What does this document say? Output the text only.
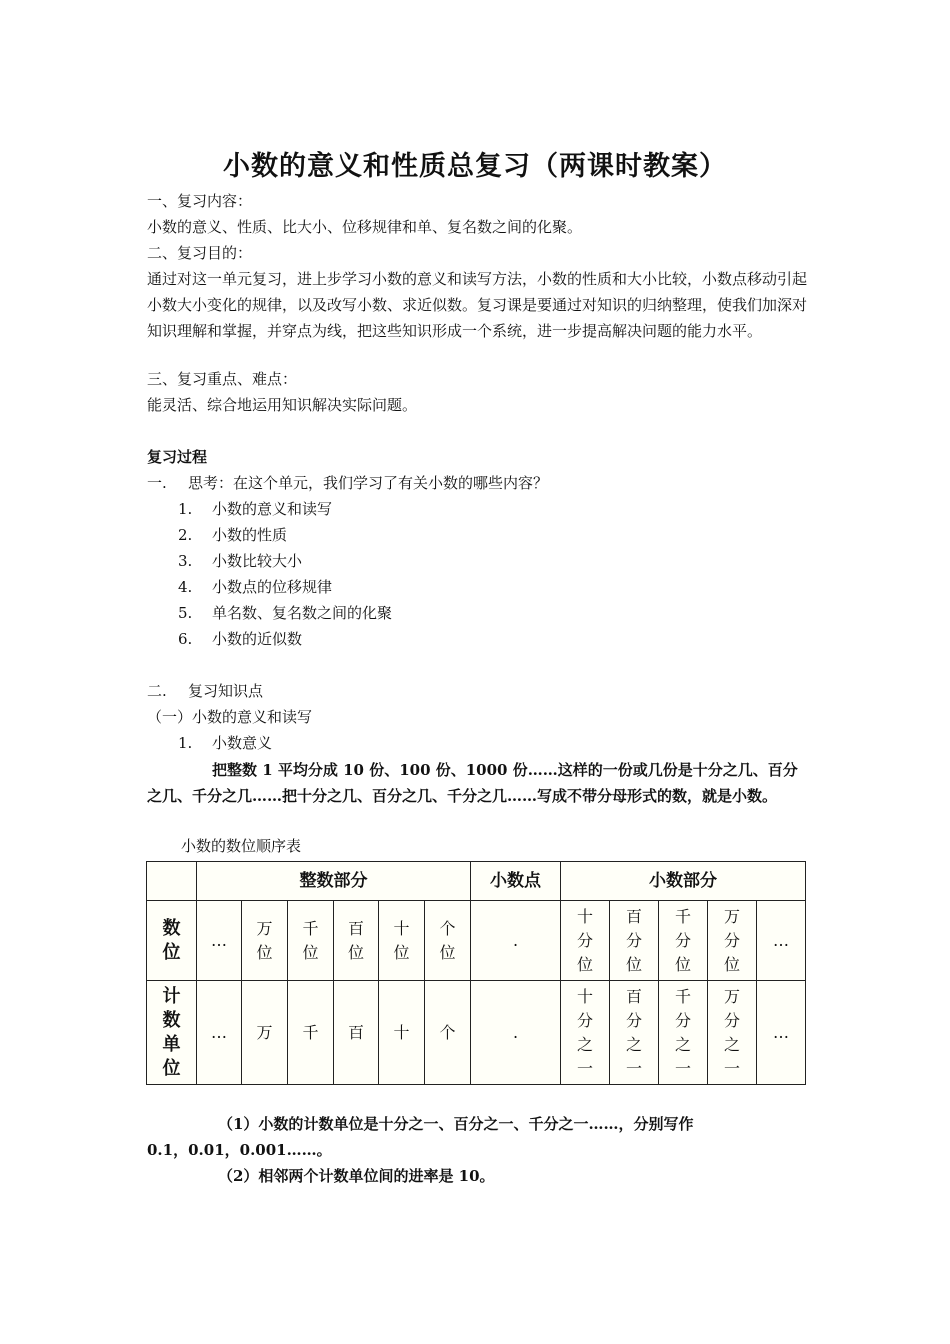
小数的意义和性质总复习（两课时教案）
一、复习内容：
小数的意义、性质、比大小、位移规律和单、复名数之间的化聚。
二、复习目的：
通过对这一单元复习，进上步学习小数的意义和读写方法，小数的性质和大小比较，小数点移动引起小数大小变化的规律，以及改写小数、求近似数。复习课是要通过对知识的归纳整理，使我们加深对知识理解和掌握，并穿点为线，把这些知识形成一个系统，进一步提高解决问题的能力水平。
三、复习重点、难点：
能灵活、综合地运用知识解决实际问题。
复习过程
一. 思考：在这个单元，我们学习了有关小数的哪些内容？
1. 小数的意义和读写
2. 小数的性质
3. 小数比较大小
4. 小数点的位移规律
5. 单名数、复名数之间的化聚
6. 小数的近似数
二. 复习知识点
（一）小数的意义和读写
1. 小数意义
把整数 1 平均分成 10 份、100 份、1000 份……这样的一份或几份是十分之几、百分
之几、千分之几……把十分之几、百分之几、千分之几……写成不带分母形式的数，就是小数。
小数的数位顺序表
	整数部分						小数点	小数部分				
数位	…	万位	千位	百位	十位	个位	.	十分位	百分位	千分位	万分位	…
计数单位	…	万	千	百	十	个	.	十分之一	百分之一	千分之一	万分之一	…
（1）小数的计数单位是十分之一、百分之一、千分之一……，分别写作
0.1，0.01，0.001……。
（2）相邻两个计数单位间的进率是 10。
